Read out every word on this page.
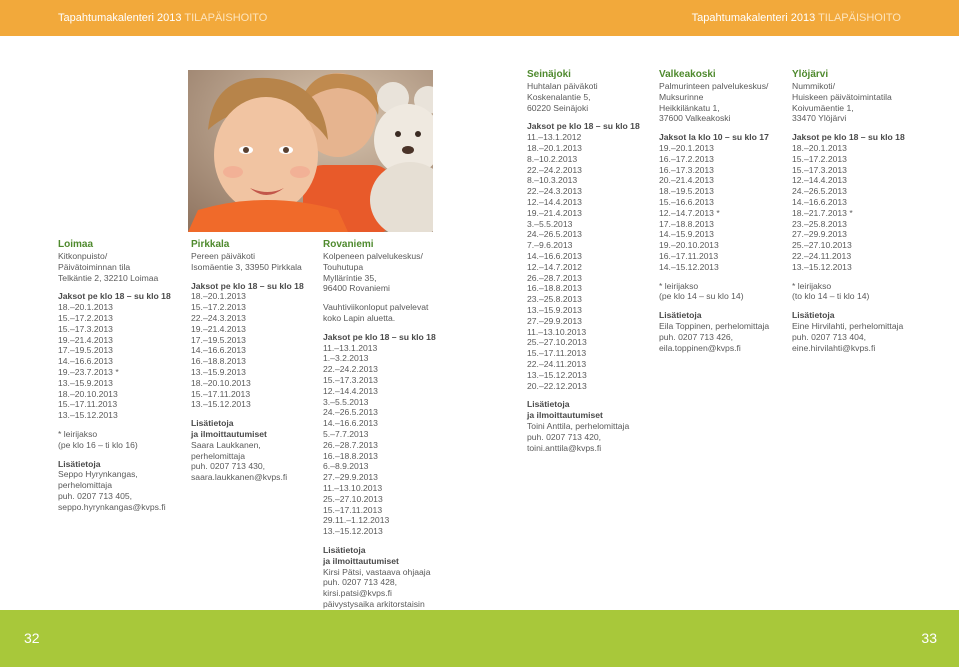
Tapahtumakalenteri 2013 TILAPÄISHOITO	Tapahtumakalenteri 2013 TILAPÄISHOITO
Loimaa
Kitkonpuisto/
Päivätoiminnan tila
Telkäntie 2, 32210 Loimaa
Jaksot pe klo 18 – su klo 18
18.–20.1.2013
15.–17.2.2013
15.–17.3.2013
19.–21.4.2013
17.–19.5.2013
14.–16.6.2013
19.–23.7.2013 *
13.–15.9.2013
18.–20.10.2013
15.–17.11.2013
13.–15.12.2013
* leirijakso
(pe klo 16 – ti klo 16)
Lisätietoja
Seppo Hyrynkangas,
perhelomittaja
puh. 0207 713 405,
seppo.hyrynkangas@kvps.fi
Pirkkala
Pereen päiväkoti
Isomäentie 3, 33950 Pirkkala
Jaksot pe klo 18 – su klo 18
18.–20.1.2013
15.–17.2.2013
22.–24.3.2013
19.–21.4.2013
17.–19.5.2013
14.–16.6.2013
16.–18.8.2013
13.–15.9.2013
18.–20.10.2013
15.–17.11.2013
13.–15.12.2013
Lisätietoja
ja ilmoittautumiset
Saara Laukkanen,
perhelomittaja
puh. 0207 713 430,
saara.laukkanen@kvps.fi
Rovaniemi
Kolpeneen palvelukeskus/
Touhutupa
Mylläríntie 35,
96400 Rovaniemi
Vauhtiviikonloput palvelevat
koko Lapin aluetta.
Jaksot pe klo 18 – su klo 18
11.–13.1.2013
1.–3.2.2013
22.–24.2.2013
15.–17.3.2013
12.–14.4.2013
3.–5.5.2013
24.–26.5.2013
14.–16.6.2013
5.–7.7.2013
26.–28.7.2013
16.–18.8.2013
6.–8.9.2013
27.–29.9.2013
11.–13.10.2013
25.–27.10.2013
15.–17.11.2013
29.11.–1.12.2013
13.–15.12.2013
Lisätietoja
ja ilmoittautumiset
Kirsi Pätsi, vastaava ohjaaja
puh. 0207 713 428,
kirsi.patsi@kvps.fi
päivystysaika arkitorstaisin
Seinäjoki
Huhtalan päiväkoti
Koskenalantie 5,
60220 Seinäjoki
Jaksot pe klo 18 – su klo 18
11.–13.1.2012
18.–20.1.2013
8.–10.2.2013
22.–24.2.2013
8.–10.3.2013
22.–24.3.2013
12.–14.4.2013
19.–21.4.2013
3.–5.5.2013
24.–26.5.2013
7.–9.6.2013
14.–16.6.2013
12.–14.7.2012
26.–28.7.2013
16.–18.8.2013
23.–25.8.2013
13.–15.9.2013
27.–29.9.2013
11.–13.10.2013
25.–27.10.2013
15.–17.11.2013
22.–24.11.2013
13.–15.12.2013
20.–22.12.2013
Lisätietoja
ja ilmoittautumiset
Toini Anttila, perhelomittaja
puh. 0207 713 420,
toini.anttila@kvps.fi
Valkeakoski
Palmurinteen palvelukeskus/
Muksurinne
Heikkilänkatu 1,
37600 Valkeakoski
Jaksot la klo 10 – su klo 17
19.–20.1.2013
16.–17.2.2013
16.–17.3.2013
20.–21.4.2013
18.–19.5.2013
15.–16.6.2013
12.–14.7.2013 *
17.–18.8.2013
14.–15.9.2013
19.–20.10.2013
16.–17.11.2013
14.–15.12.2013
* leirijakso
(pe klo 14 – su klo 14)
Lisätietoja
Eila Toppinen, perhelomittaja
puh. 0207 713 426,
eila.toppinen@kvps.fi
Ylöjärvi
Nummikoti/
Huiskeen päivätoimintatila
Koivumäentie 1,
33470 Ylöjärvi
Jaksot pe klo 18 – su klo 18
18.–20.1.2013
15.–17.2.2013
15.–17.3.2013
12.–14.4.2013
24.–26.5.2013
14.–16.6.2013
18.–21.7.2013 *
23.–25.8.2013
27.–29.9.2013
25.–27.10.2013
22.–24.11.2013
13.–15.12.2013
* leirijakso
(to klo 14 – ti klo 14)
Lisätietoja
Eine Hirvilahti, perhelomittaja
puh. 0207 713 404,
eine.hirvilahti@kvps.fi
32	33
